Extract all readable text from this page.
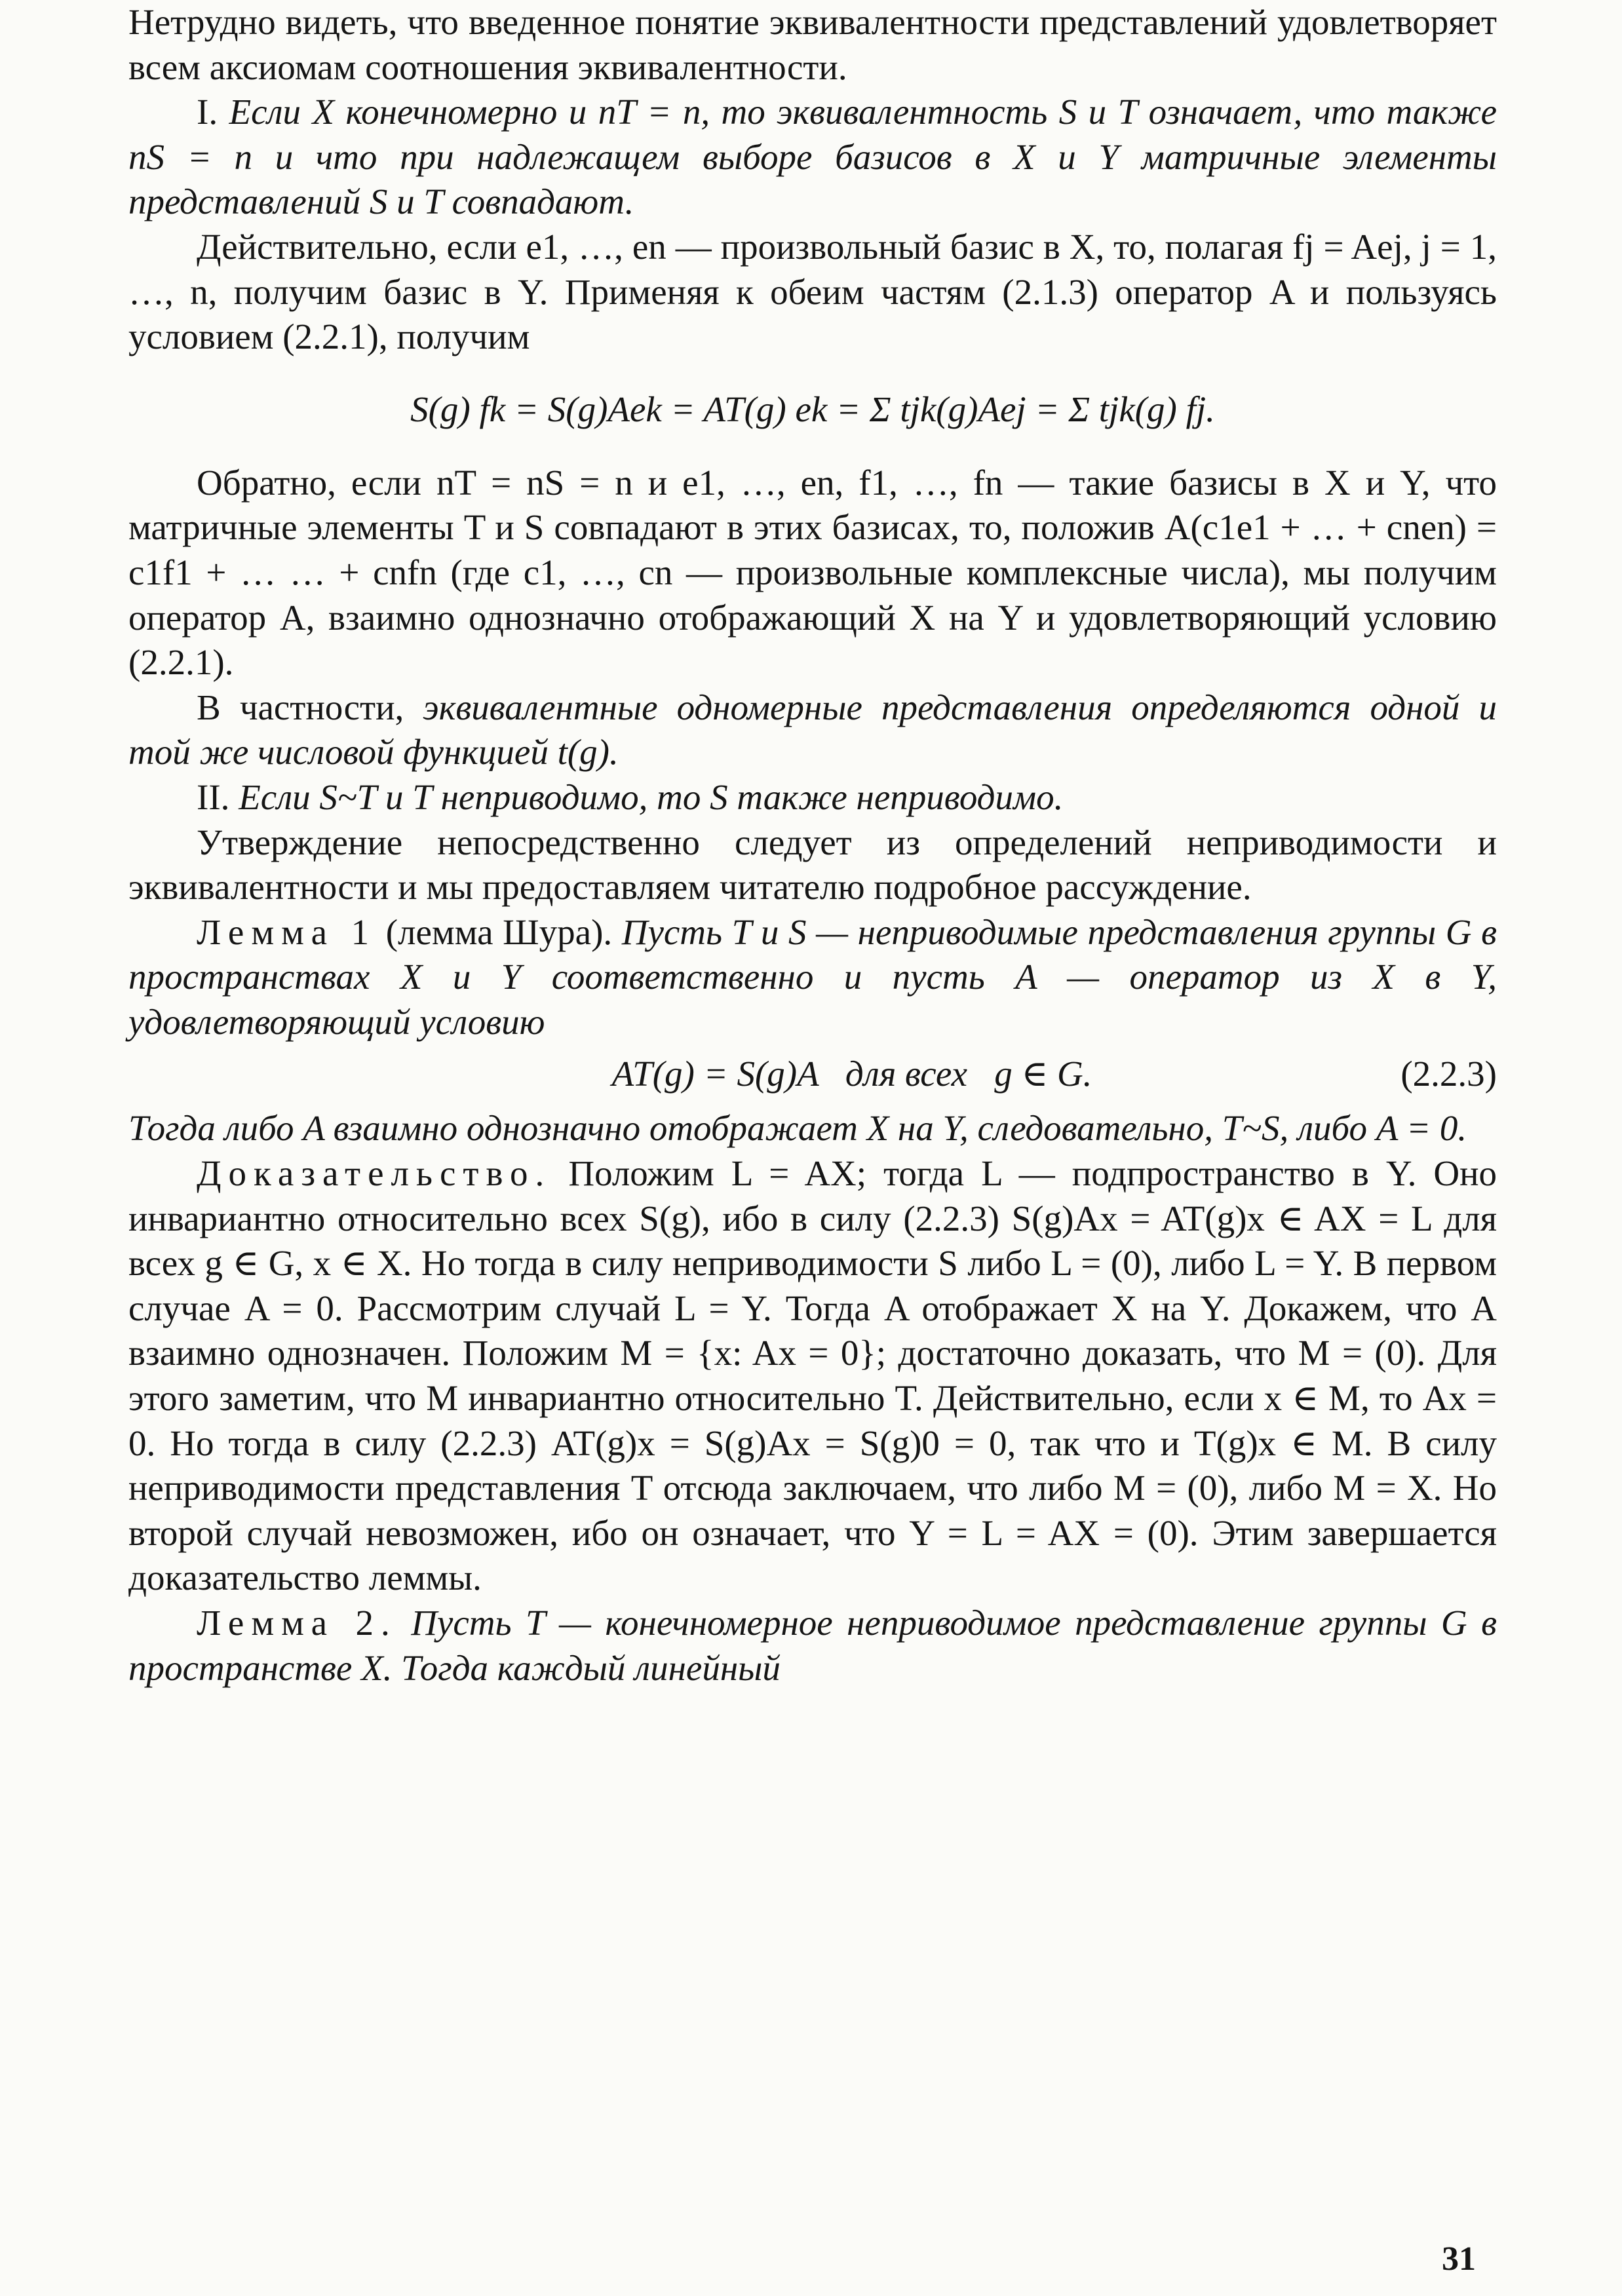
Нетрудно видеть, что введенное понятие эквивалентности представлений удовлетворяет всем аксиомам соотношения эквивалентности.

I. Если X конечномерно и nT = n, то эквивалентность S и T означает, что также nS = n и что при надлежащем выборе базисов в X и Y матричные элементы представлений S и T совпадают.

Действительно, если e1, …, en — произвольный базис в X, то, полагая fj = Aej, j = 1, …, n, получим базис в Y. Применяя к обеим частям (2.1.3) оператор A и пользуясь условием (2.2.1), получим

S(g) fk = S(g)Aek = AT(g) ek = Σ tjk(g)Aej = Σ tjk(g) fj.

Обратно, если nT = nS = n и e1, …, en, f1, …, fn — такие базисы в X и Y, что матричные элементы T и S совпадают в этих базисах, то, положив A(c1e1 + … + cnen) = c1f1 + … … + cnfn (где c1, …, cn — произвольные комплексные числа), мы получим оператор A, взаимно однозначно отображающий X на Y и удовлетворяющий условию (2.2.1).

В частности, эквивалентные одномерные представления определяются одной и той же числовой функцией t(g).

II. Если S~T и T неприводимо, то S также неприводимо.

Утверждение непосредственно следует из определений неприводимости и эквивалентности и мы предоставляем читателю подробное рассуждение.

Лемма 1 (лемма Шура). Пусть T и S — неприводимые представления группы G в пространствах X и Y соответственно и пусть A — оператор из X в Y, удовлетворяющий условию

AT(g) = S(g)A   для всех   g ∈ G.	(2.2.3)

Тогда либо A взаимно однозначно отображает X на Y, следовательно, T~S, либо A = 0.

Доказательство. Положим L = AX; тогда L — подпространство в Y. Оно инвариантно относительно всех S(g), ибо в силу (2.2.3) S(g)Ax = AT(g)x ∈ AX = L для всех g ∈ G, x ∈ X. Но тогда в силу неприводимости S либо L = (0), либо L = Y. В первом случае A = 0. Рассмотрим случай L = Y. Тогда A отображает X на Y. Докажем, что A взаимно однозначен. Положим M = {x: Ax = 0}; достаточно доказать, что M = (0). Для этого заметим, что M инвариантно относительно T. Действительно, если x ∈ M, то Ax = 0. Но тогда в силу (2.2.3) AT(g)x = S(g)Ax = S(g)0 = 0, так что и T(g)x ∈ M. В силу неприводимости представления T отсюда заключаем, что либо M = (0), либо M = X. Но второй случай невозможен, ибо он означает, что Y = L = AX = (0). Этим завершается доказательство леммы.

Лемма 2. Пусть T — конечномерное неприводимое представление группы G в пространстве X. Тогда каждый линейный

31
